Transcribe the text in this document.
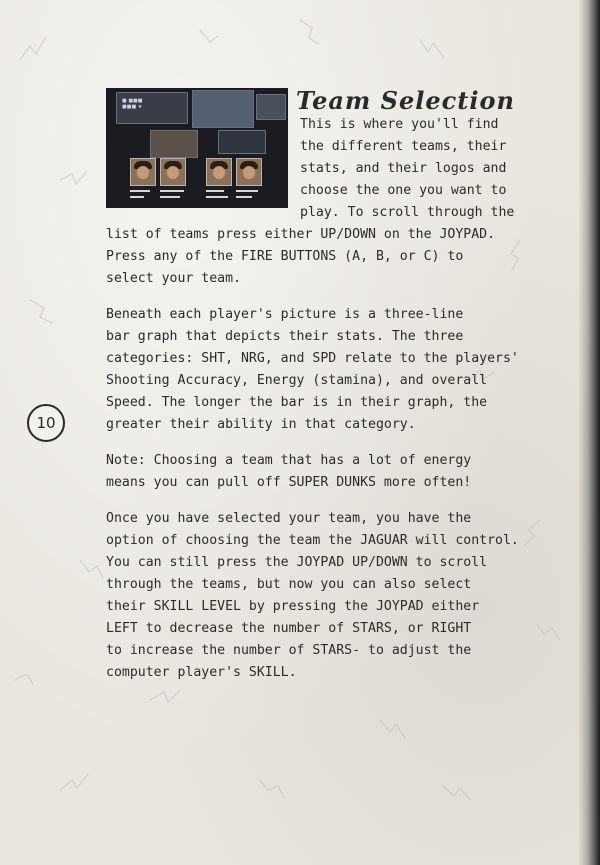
■ ■■■
■■■ ★	Team Selection
This is where you'll find
the different teams, their
stats, and their logos and
choose the one you want to
play. To scroll through the
list of teams press either UP/DOWN on the JOYPAD.
Press any of the FIRE BUTTONS (A, B, or C) to
select your team.
Beneath each player's picture is a three-line
bar graph that depicts their stats. The three
categories: SHT, NRG, and SPD relate to the players'
Shooting Accuracy, Energy (stamina), and overall
Speed. The longer the bar is in their graph, the
greater their ability in that category.
10
Note: Choosing a team that has a lot of energy
means you can pull off SUPER DUNKS more often!
Once you have selected your team, you have the
option of choosing the team the JAGUAR will control.
You can still press the JOYPAD UP/DOWN to scroll
through the teams, but now you can also select
their SKILL LEVEL by pressing the JOYPAD either
LEFT to decrease the number of STARS, or RIGHT
to increase the number of STARS- to adjust the
computer player's SKILL.
